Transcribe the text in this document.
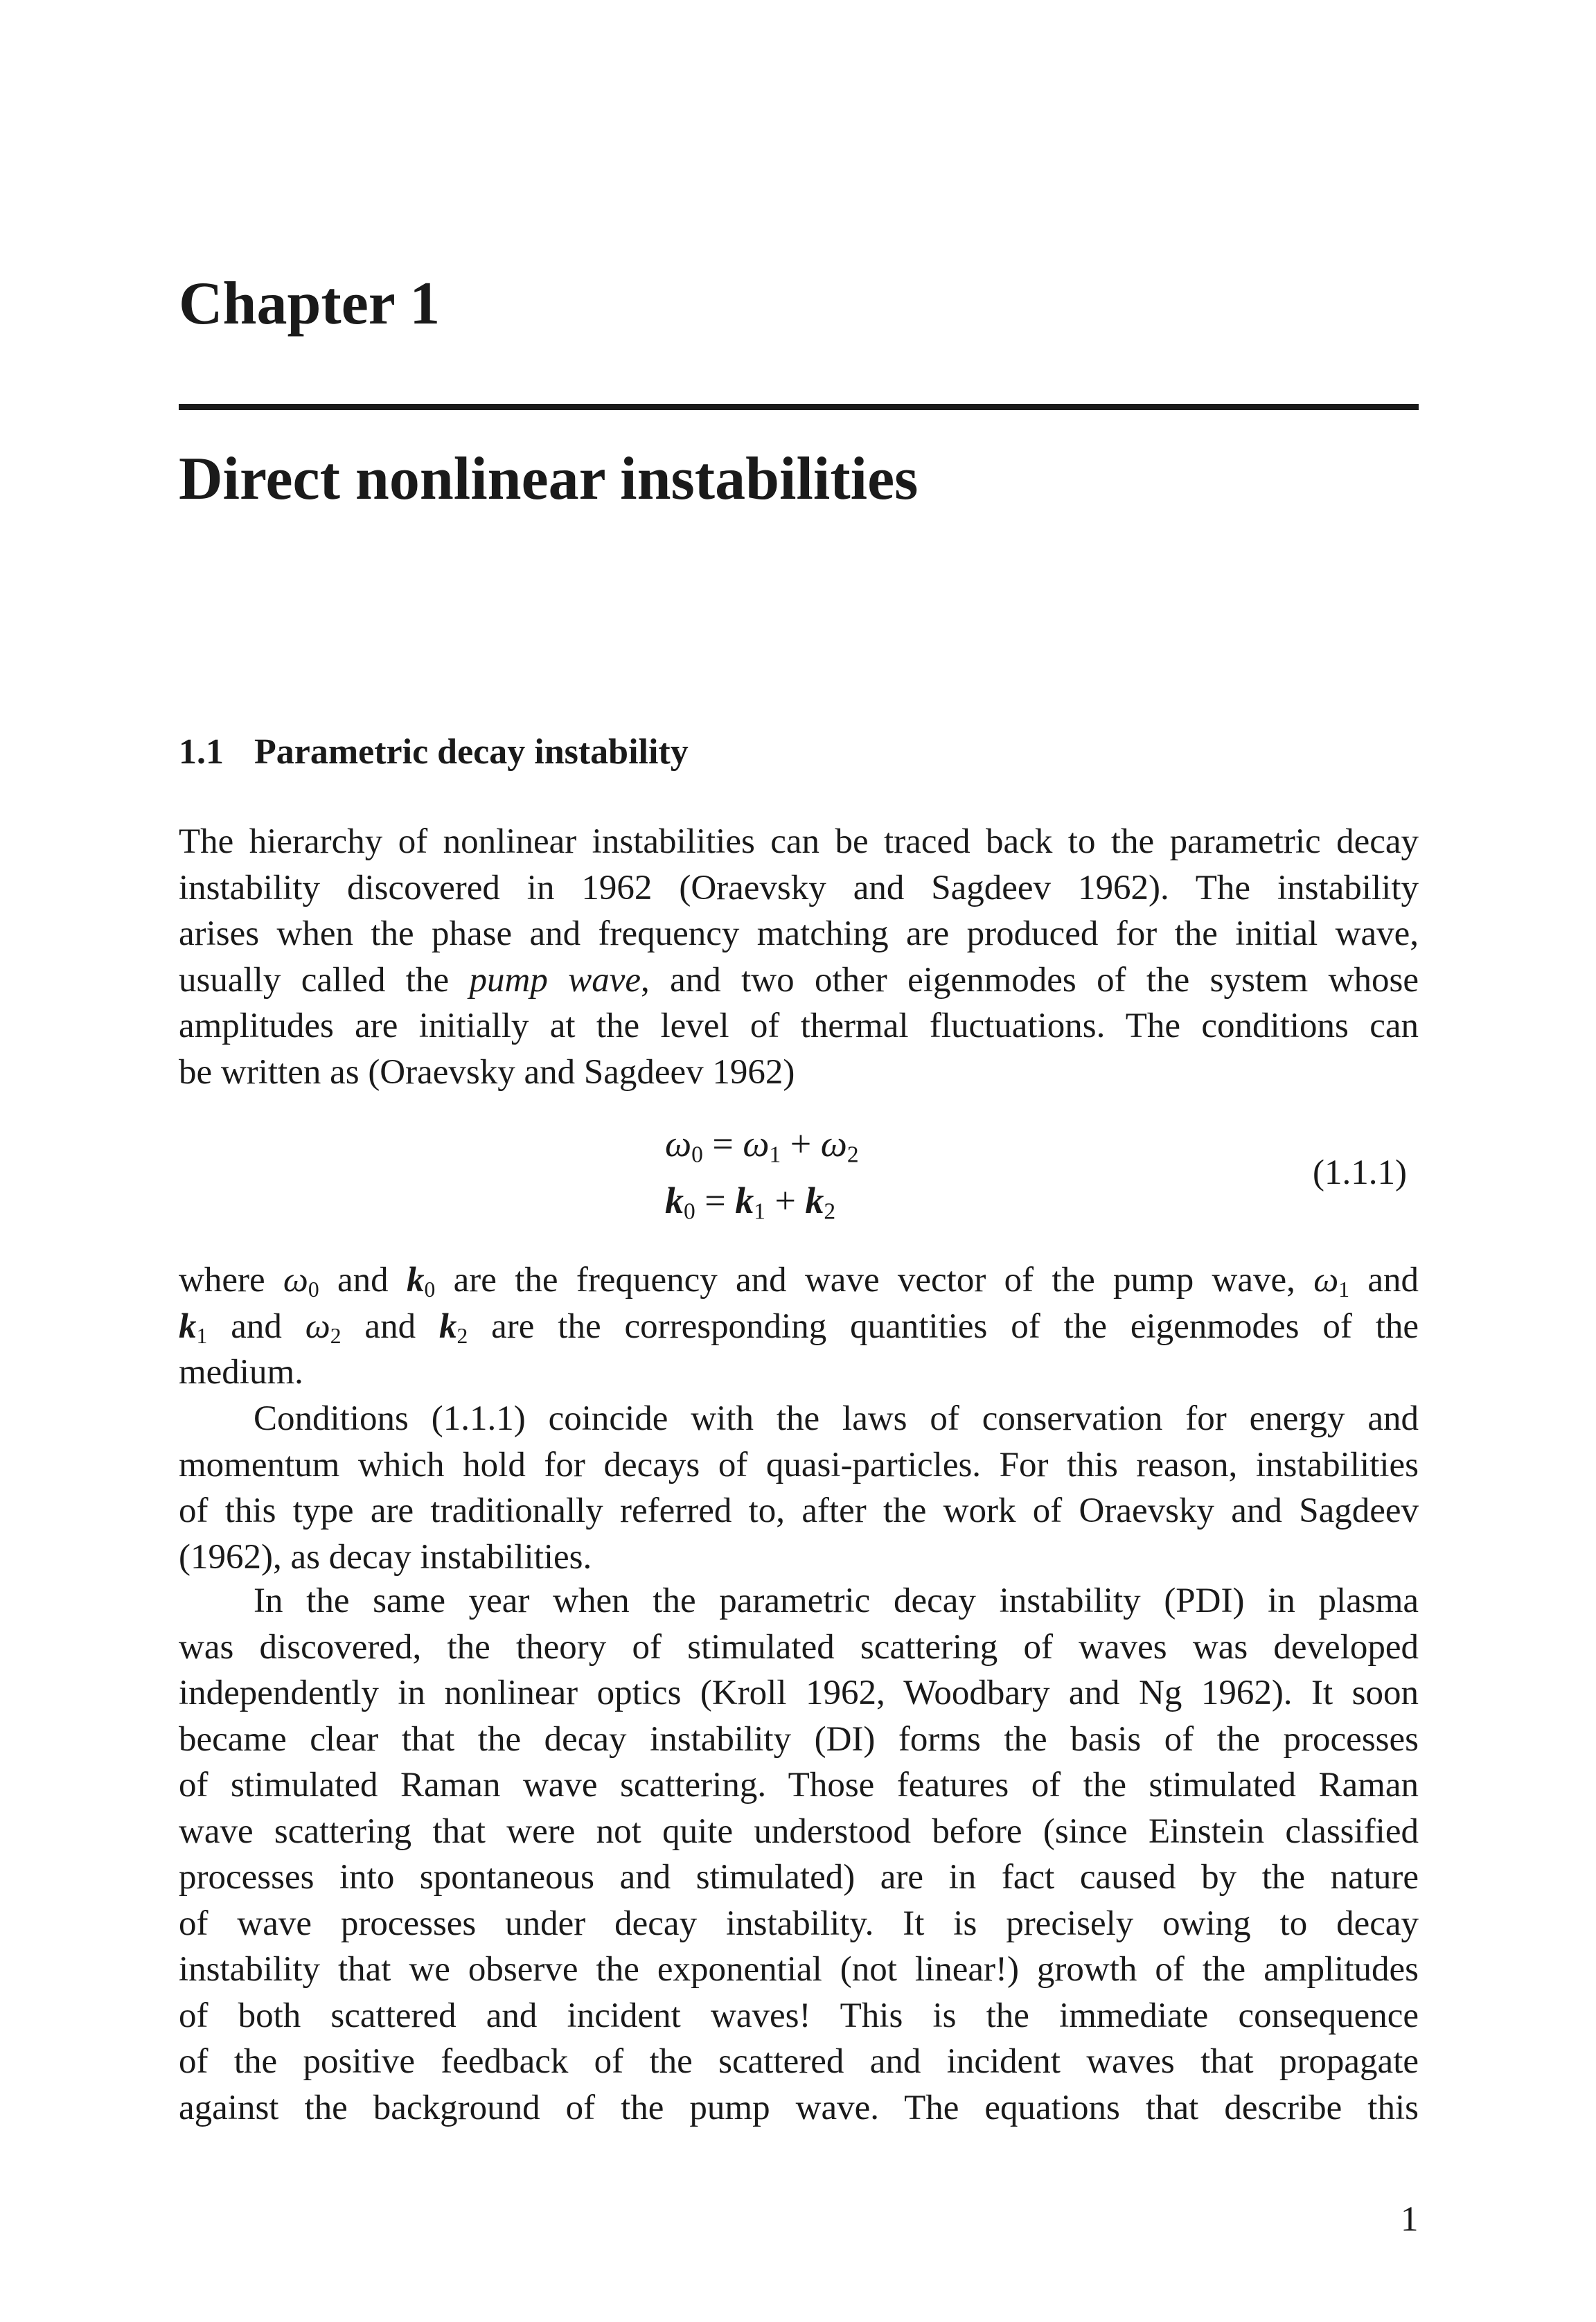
Chapter 1
Direct nonlinear instabilities
1.1 Parametric decay instability
The hierarchy of nonlinear instabilities can be traced back to the parametric decay
instability discovered in 1962 (Oraevsky and Sagdeev 1962). The instability
arises when the phase and frequency matching are produced for the initial wave,
usually called the pump wave, and two other eigenmodes of the system whose
amplitudes are initially at the level of thermal fluctuations. The conditions can
be written as (Oraevsky and Sagdeev 1962)
$\omega_0 = \omega_1 + \omega_2$
$k_0 = k_1 + k_2$
(1.1.1)
where $\omega_0$ and $k_0$ are the frequency and wave vector of the pump wave, $\omega_1$ and
$k_1$ and $\omega_2$ and $k_2$ are the corresponding quantities of the eigenmodes of the
medium.
Conditions (1.1.1) coincide with the laws of conservation for energy and
momentum which hold for decays of quasi-particles. For this reason, instabilities
of this type are traditionally referred to, after the work of Oraevsky and Sagdeev
(1962), as decay instabilities.
In the same year when the parametric decay instability (PDI) in plasma
was discovered, the theory of stimulated scattering of waves was developed
independently in nonlinear optics (Kroll 1962, Woodbary and Ng 1962). It soon
became clear that the decay instability (DI) forms the basis of the processes
of stimulated Raman wave scattering. Those features of the stimulated Raman
wave scattering that were not quite understood before (since Einstein classified
processes into spontaneous and stimulated) are in fact caused by the nature
of wave processes under decay instability. It is precisely owing to decay
instability that we observe the exponential (not linear!) growth of the amplitudes
of both scattered and incident waves! This is the immediate consequence
of the positive feedback of the scattered and incident waves that propagate
against the background of the pump wave. The equations that describe this
1
